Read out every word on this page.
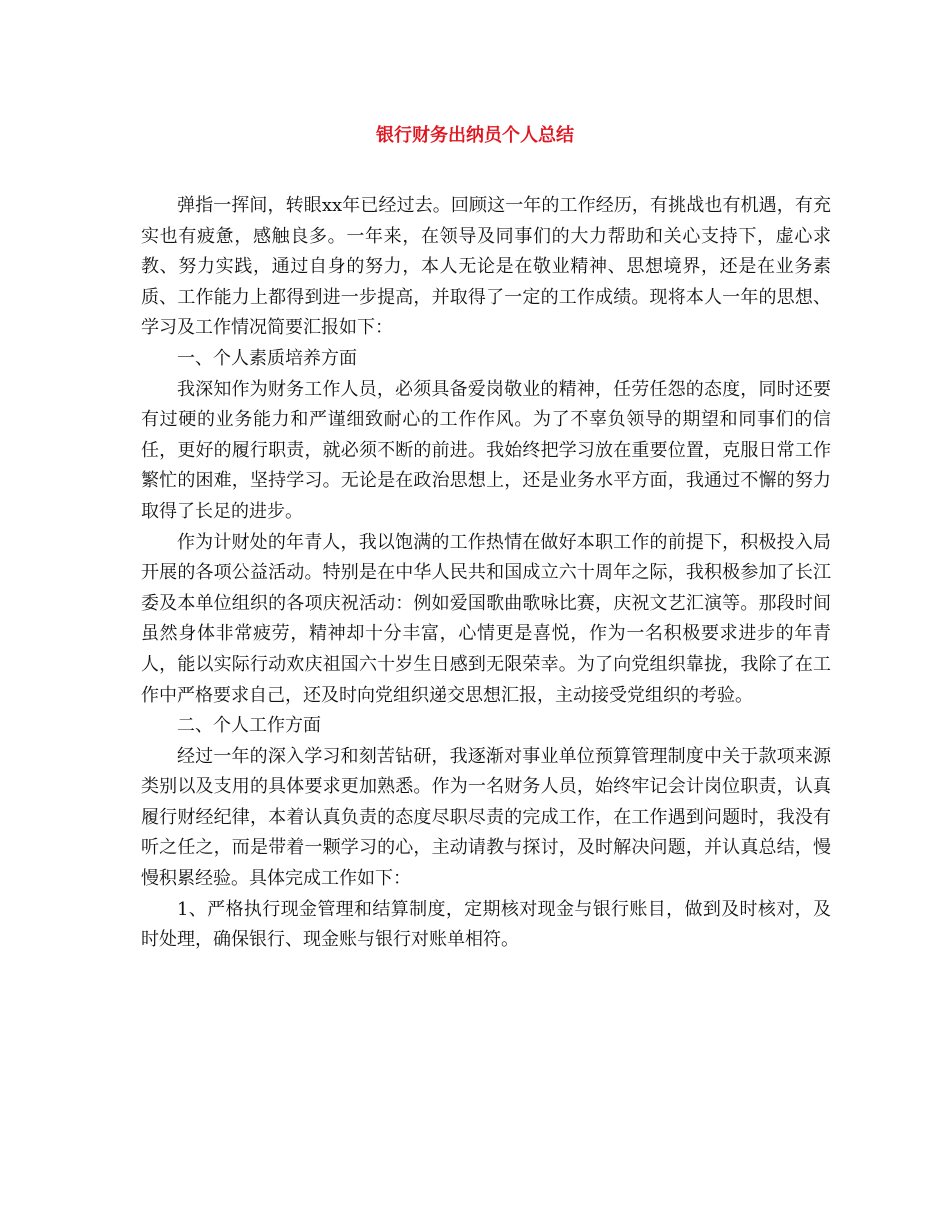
银行财务出纳员个人总结

弹指一挥间，转眼xx年已经过去。回顾这一年的工作经历，有挑战也有机遇，有充实也有疲惫，感触良多。一年来，在领导及同事们的大力帮助和关心支持下，虚心求教、努力实践，通过自身的努力，本人无论是在敬业精神、思想境界，还是在业务素质、工作能力上都得到进一步提高，并取得了一定的工作成绩。现将本人一年的思想、学习及工作情况简要汇报如下：

一、个人素质培养方面

我深知作为财务工作人员，必须具备爱岗敬业的精神，任劳任怨的态度，同时还要有过硬的业务能力和严谨细致耐心的工作作风。为了不辜负领导的期望和同事们的信任，更好的履行职责，就必须不断的前进。我始终把学习放在重要位置，克服日常工作繁忙的困难，坚持学习。无论是在政治思想上，还是业务水平方面，我通过不懈的努力取得了长足的进步。

作为计财处的年青人，我以饱满的工作热情在做好本职工作的前提下，积极投入局开展的各项公益活动。特别是在中华人民共和国成立六十周年之际，我积极参加了长江委及本单位组织的各项庆祝活动：例如爱国歌曲歌咏比赛，庆祝文艺汇演等。那段时间虽然身体非常疲劳，精神却十分丰富，心情更是喜悦，作为一名积极要求进步的年青人，能以实际行动欢庆祖国六十岁生日感到无限荣幸。为了向党组织靠拢，我除了在工作中严格要求自己，还及时向党组织递交思想汇报，主动接受党组织的考验。

二、个人工作方面

经过一年的深入学习和刻苦钻研，我逐渐对事业单位预算管理制度中关于款项来源类别以及支用的具体要求更加熟悉。作为一名财务人员，始终牢记会计岗位职责，认真履行财经纪律，本着认真负责的态度尽职尽责的完成工作，在工作遇到问题时，我没有听之任之，而是带着一颗学习的心，主动请教与探讨，及时解决问题，并认真总结，慢慢积累经验。具体完成工作如下：

1、严格执行现金管理和结算制度，定期核对现金与银行账目，做到及时核对，及时处理，确保银行、现金账与银行对账单相符。
